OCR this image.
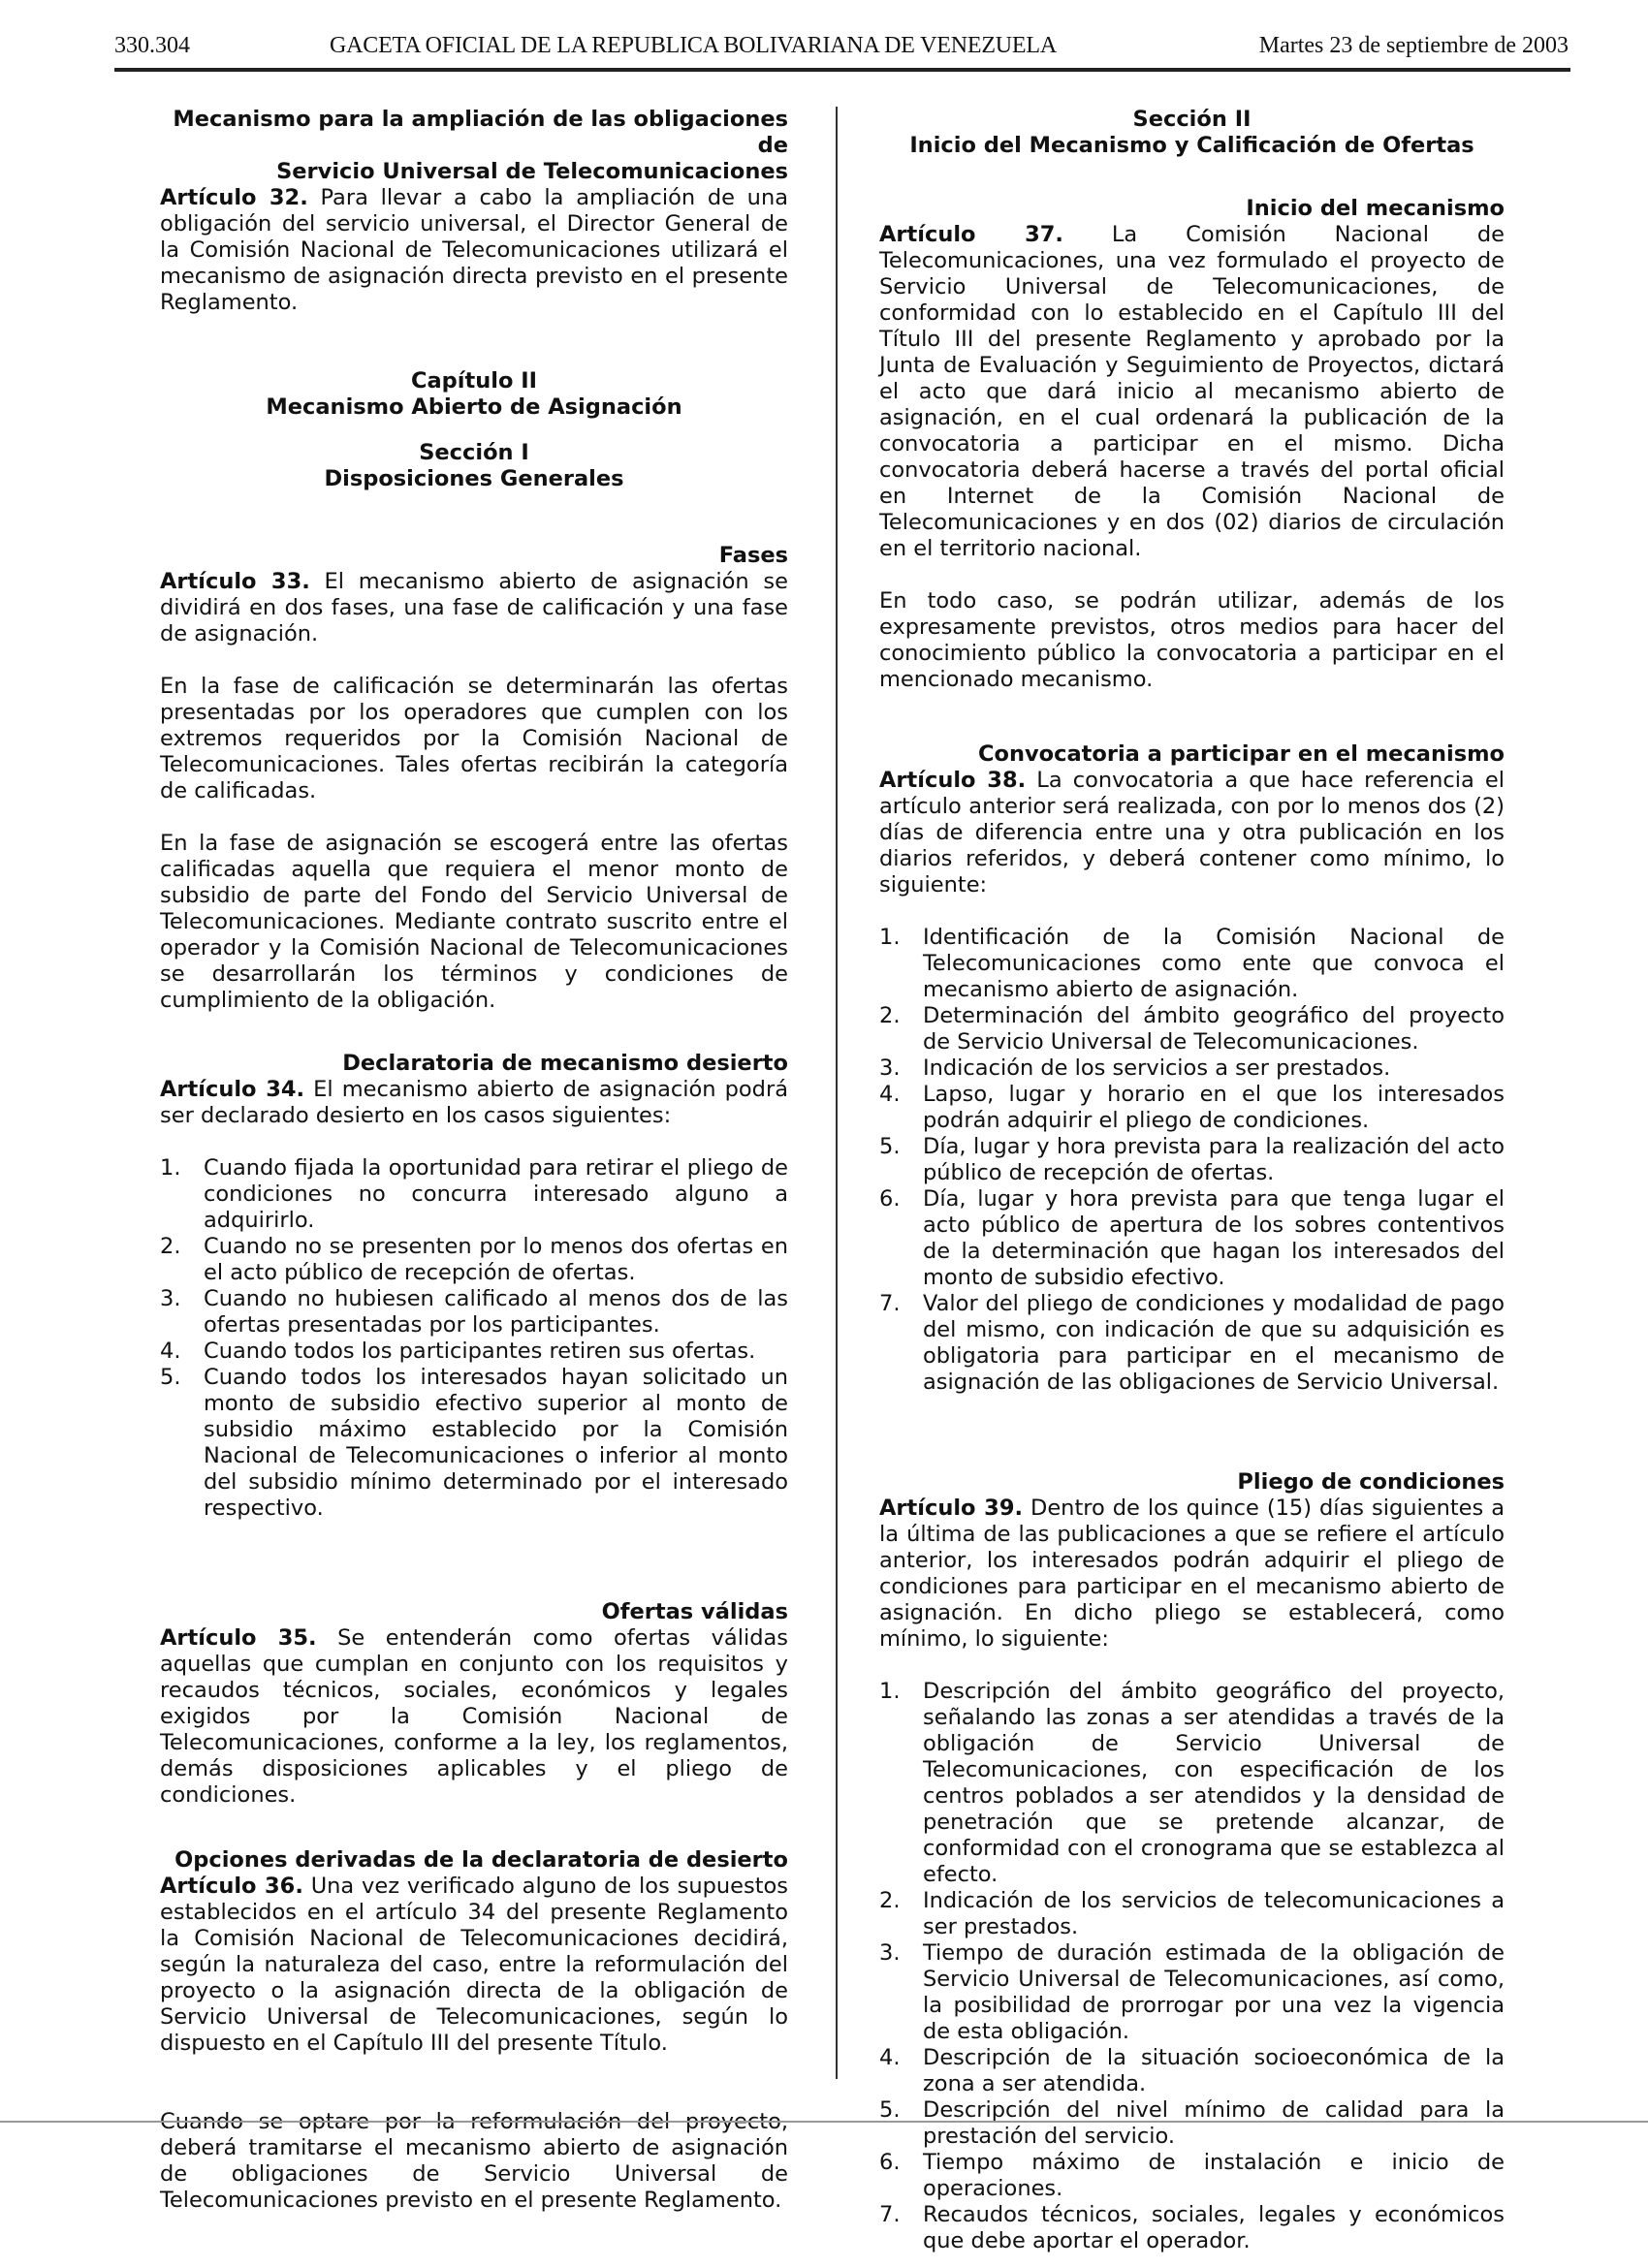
330.304	GACETA OFICIAL DE LA REPUBLICA BOLIVARIANA DE VENEZUELA	Martes 23 de septiembre de 2003

Mecanismo para la ampliación de las obligaciones de
Servicio Universal de Telecomunicaciones

Artículo 32. Para llevar a cabo la ampliación de una obligación del servicio universal, el Director General de la Comisión Nacional de Telecomunicaciones utilizará el mecanismo de asignación directa previsto en el presente Reglamento.

Capítulo II
Mecanismo Abierto de Asignación

Sección I
Disposiciones Generales

Fases

Artículo 33. El mecanismo abierto de asignación se dividirá en dos fases, una fase de calificación y una fase de asignación.

En la fase de calificación se determinarán las ofertas presentadas por los operadores que cumplen con los extremos requeridos por la Comisión Nacional de Telecomunicaciones. Tales ofertas recibirán la categoría de calificadas.

En la fase de asignación se escogerá entre las ofertas calificadas aquella que requiera el menor monto de subsidio de parte del Fondo del Servicio Universal de Telecomunicaciones. Mediante contrato suscrito entre el operador y la Comisión Nacional de Telecomunicaciones se desarrollarán los términos y condiciones de cumplimiento de la obligación.

Declaratoria de mecanismo desierto

Artículo 34. El mecanismo abierto de asignación podrá ser declarado desierto en los casos siguientes:

1. Cuando fijada la oportunidad para retirar el pliego de condiciones no concurra interesado alguno a adquirirlo.
2. Cuando no se presenten por lo menos dos ofertas en el acto público de recepción de ofertas.
3. Cuando no hubiesen calificado al menos dos de las ofertas presentadas por los participantes.
4. Cuando todos los participantes retiren sus ofertas.
5. Cuando todos los interesados hayan solicitado un monto de subsidio efectivo superior al monto de subsidio máximo establecido por la Comisión Nacional de Telecomunicaciones o inferior al monto del subsidio mínimo determinado por el interesado respectivo.

Ofertas válidas

Artículo 35. Se entenderán como ofertas válidas aquellas que cumplan en conjunto con los requisitos y recaudos técnicos, sociales, económicos y legales exigidos por la Comisión Nacional de Telecomunicaciones, conforme a la ley, los reglamentos, demás disposiciones aplicables y el pliego de condiciones.

Opciones derivadas de la declaratoria de desierto

Artículo 36. Una vez verificado alguno de los supuestos establecidos en el artículo 34 del presente Reglamento la Comisión Nacional de Telecomunicaciones decidirá, según la naturaleza del caso, entre la reformulación del proyecto o la asignación directa de la obligación de Servicio Universal de Telecomunicaciones, según lo dispuesto en el Capítulo III del presente Título.

Cuando se optare por la reformulación del proyecto, deberá tramitarse el mecanismo abierto de asignación de obligaciones de Servicio Universal de Telecomunicaciones previsto en el presente Reglamento.

Sección II
Inicio del Mecanismo y Calificación de Ofertas

Inicio del mecanismo

Artículo 37. La Comisión Nacional de Telecomunicaciones, una vez formulado el proyecto de Servicio Universal de Telecomunicaciones, de conformidad con lo establecido en el Capítulo III del Título III del presente Reglamento y aprobado por la Junta de Evaluación y Seguimiento de Proyectos, dictará el acto que dará inicio al mecanismo abierto de asignación, en el cual ordenará la publicación de la convocatoria a participar en el mismo. Dicha convocatoria deberá hacerse a través del portal oficial en Internet de la Comisión Nacional de Telecomunicaciones y en dos (02) diarios de circulación en el territorio nacional.

En todo caso, se podrán utilizar, además de los expresamente previstos, otros medios para hacer del conocimiento público la convocatoria a participar en el mencionado mecanismo.

Convocatoria a participar en el mecanismo

Artículo 38. La convocatoria a que hace referencia el artículo anterior será realizada, con por lo menos dos (2) días de diferencia entre una y otra publicación en los diarios referidos, y deberá contener como mínimo, lo siguiente:

1. Identificación de la Comisión Nacional de Telecomunicaciones como ente que convoca el mecanismo abierto de asignación.
2. Determinación del ámbito geográfico del proyecto de Servicio Universal de Telecomunicaciones.
3. Indicación de los servicios a ser prestados.
4. Lapso, lugar y horario en el que los interesados podrán adquirir el pliego de condiciones.
5. Día, lugar y hora prevista para la realización del acto público de recepción de ofertas.
6. Día, lugar y hora prevista para que tenga lugar el acto público de apertura de los sobres contentivos de la determinación que hagan los interesados del monto de subsidio efectivo.
7. Valor del pliego de condiciones y modalidad de pago del mismo, con indicación de que su adquisición es obligatoria para participar en el mecanismo de asignación de las obligaciones de Servicio Universal.

Pliego de condiciones

Artículo 39. Dentro de los quince (15) días siguientes a la última de las publicaciones a que se refiere el artículo anterior, los interesados podrán adquirir el pliego de condiciones para participar en el mecanismo abierto de asignación. En dicho pliego se establecerá, como mínimo, lo siguiente:

1. Descripción del ámbito geográfico del proyecto, señalando las zonas a ser atendidas a través de la obligación de Servicio Universal de Telecomunicaciones, con especificación de los centros poblados a ser atendidos y la densidad de penetración que se pretende alcanzar, de conformidad con el cronograma que se establezca al efecto.
2. Indicación de los servicios de telecomunicaciones a ser prestados.
3. Tiempo de duración estimada de la obligación de Servicio Universal de Telecomunicaciones, así como, la posibilidad de prorrogar por una vez la vigencia de esta obligación.
4. Descripción de la situación socioeconómica de la zona a ser atendida.
5. Descripción del nivel mínimo de calidad para la prestación del servicio.
6. Tiempo máximo de instalación e inicio de operaciones.
7. Recaudos técnicos, sociales, legales y económicos que debe aportar el operador.
